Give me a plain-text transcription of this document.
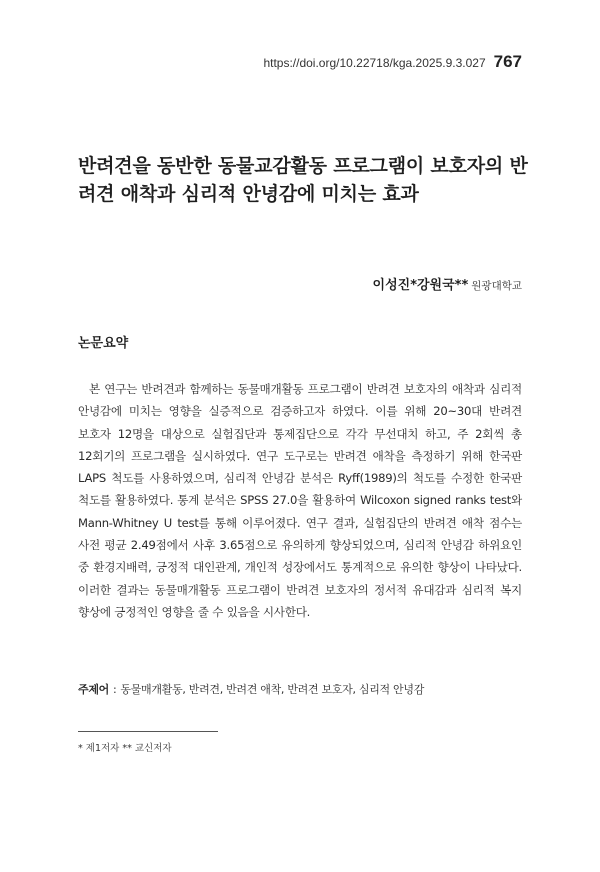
https://doi.org/10.22718/kga.2025.9.3.027 767
반려견을 동반한 동물교감활동 프로그램이 보호자의 반려견 애착과 심리적 안녕감에 미치는 효과
이성진*강원국** 원광대학교
논문요약

본 연구는 반려견과 함께하는 동물매개활동 프로그램이 반려견 보호자의 애착과 심리적 안녕감에 미치는 영향을 실증적으로 검증하고자 하였다. 이를 위해 20~30대 반려견 보호자 12명을 대상으로 실험집단과 통제집단으로 각각 무선대치 하고, 주 2회씩 총 12회기의 프로그램을 실시하였다. 연구 도구로는 반려견 애착을 측정하기 위해 한국판 LAPS 척도를 사용하였으며, 심리적 안녕감 분석은 Ryff(1989)의 척도를 수정한 한국판 척도를 활용하였다. 통계 분석은 SPSS 27.0을 활용하여 Wilcoxon signed ranks test와 Mann-Whitney U test를 통해 이루어졌다. 연구 결과, 실험집단의 반려견 애착 점수는 사전 평균 2.49점에서 사후 3.65점으로 유의하게 향상되었으며, 심리적 안녕감 하위요인 중 환경지배력, 긍정적 대인관계, 개인적 성장에서도 통계적으로 유의한 향상이 나타났다. 이러한 결과는 동물매개활동 프로그램이 반려견 보호자의 정서적 유대감과 심리적 복지 향상에 긍정적인 영향을 줄 수 있음을 시사한다.

주제어 : 동물매개활동, 반려견, 반려견 애착, 반려견 보호자, 심리적 안녕감
* 제1저자 ** 교신저자
